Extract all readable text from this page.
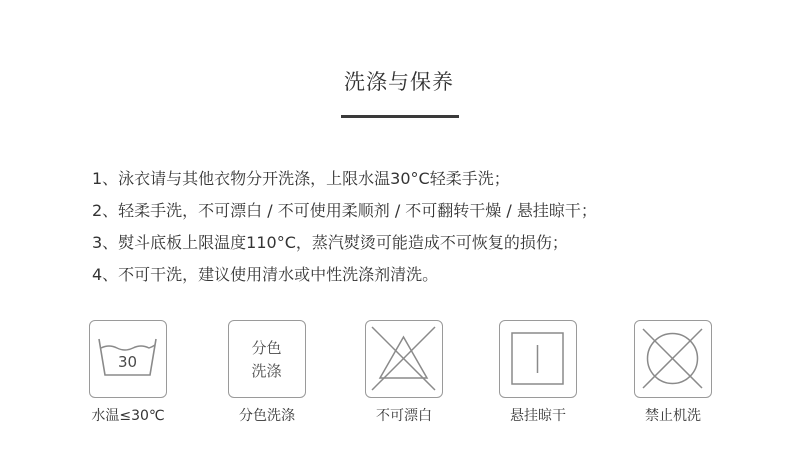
洗涤与保养
1、泳衣请与其他衣物分开洗涤，上限水温30°C轻柔手洗；
2、轻柔手洗，不可漂白 / 不可使用柔顺剂 / 不可翻转干燥 / 悬挂晾干；
3、熨斗底板上限温度110°C，蒸汽熨烫可能造成不可恢复的损伤；
4、不可干洗，建议使用清水或中性洗涤剂清洗。
30
水温≤30℃
分色
洗涤
分色洗涤	不可漂白	悬挂晾干	禁止机洗
